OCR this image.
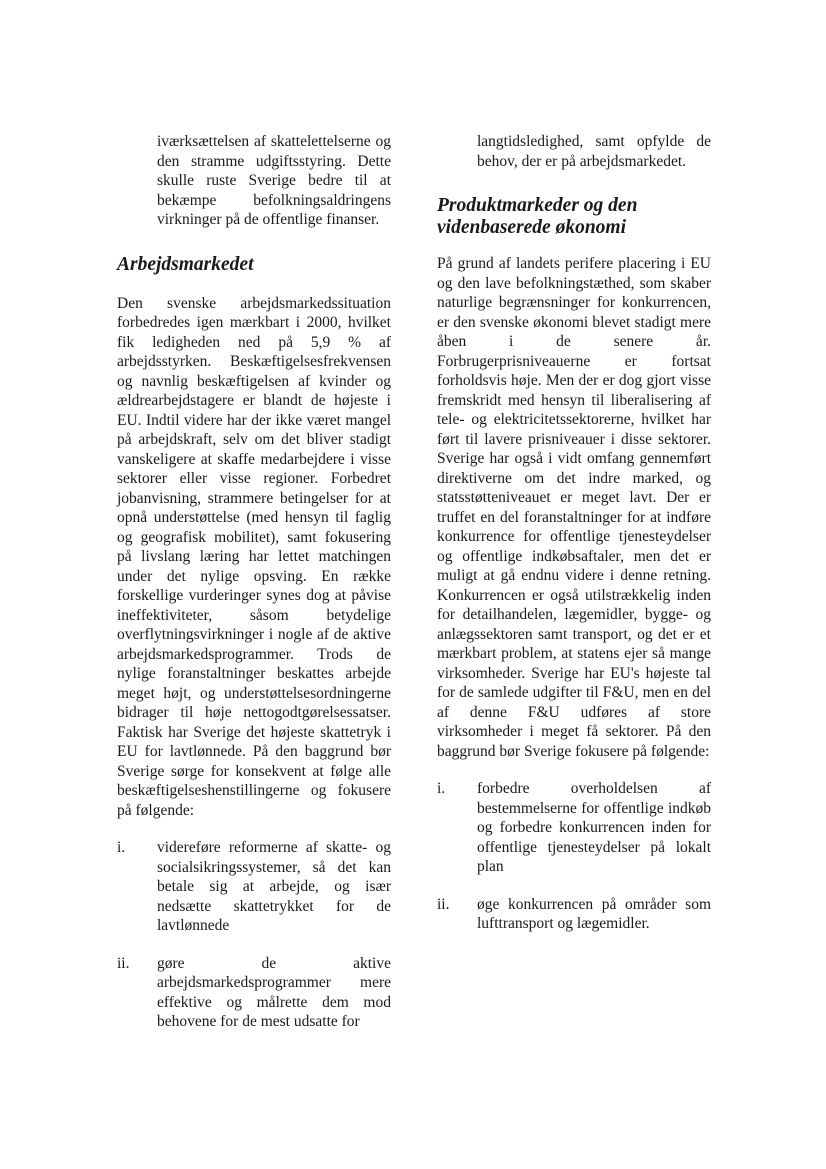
iværksættelsen af skattelettelserne og den stramme udgiftsstyring. Dette skulle ruste Sverige bedre til at bekæmpe befolkningsaldringens virkninger på de offentlige finanser.

Arbejdsmarkedet

Den svenske arbejdsmarkedssituation forbedredes igen mærkbart i 2000, hvilket fik ledigheden ned på 5,9 % af arbejdsstyrken. Beskæftigelsesfrekvensen og navnlig beskæftigelsen af kvinder og ældrearbejdstagere er blandt de højeste i EU. Indtil videre har der ikke været mangel på arbejdskraft, selv om det bliver stadigt vanskeligere at skaffe medarbejdere i visse sektorer eller visse regioner. Forbedret jobanvisning, strammere betingelser for at opnå understøttelse (med hensyn til faglig og geografisk mobilitet), samt fokusering på livslang læring har lettet matchingen under det nylige opsving. En række forskellige vurderinger synes dog at påvise ineffektiviteter, såsom betydelige overflytningsvirkninger i nogle af de aktive arbejdsmarkedsprogrammer. Trods de nylige foranstaltninger beskattes arbejde meget højt, og understøttelsesordningerne bidrager til høje nettogodtgørelsessatser. Faktisk har Sverige det højeste skattetryk i EU for lavtlønnede. På den baggrund bør Sverige sørge for konsekvent at følge alle beskæftigelseshenstillingerne og fokusere på følgende:

i. videreføre reformerne af skatte- og socialsikringssystemer, så det kan betale sig at arbejde, og især nedsætte skattetrykket for de lavtlønnede

ii. gøre de aktive arbejdsmarkedsprogrammer mere effektive og målrette dem mod behovene for de mest udsatte for

langtidsledighed, samt opfylde de behov, der er på arbejdsmarkedet.

Produktmarkeder og den videnbaserede økonomi

På grund af landets perifere placering i EU og den lave befolkningstæthed, som skaber naturlige begrænsninger for konkurrencen, er den svenske økonomi blevet stadigt mere åben i de senere år. Forbrugerprisniveauerne er fortsat forholdsvis høje. Men der er dog gjort visse fremskridt med hensyn til liberalisering af tele- og elektricitetssektorerne, hvilket har ført til lavere prisniveauer i disse sektorer. Sverige har også i vidt omfang gennemført direktiverne om det indre marked, og statsstøtteniveauet er meget lavt. Der er truffet en del foranstaltninger for at indføre konkurrence for offentlige tjenesteydelser og offentlige indkøbsaftaler, men det er muligt at gå endnu videre i denne retning. Konkurrencen er også utilstrækkelig inden for detailhandelen, lægemidler, bygge- og anlægssektoren samt transport, og det er et mærkbart problem, at statens ejer så mange virksomheder. Sverige har EU's højeste tal for de samlede udgifter til F&U, men en del af denne F&U udføres af store virksomheder i meget få sektorer. På den baggrund bør Sverige fokusere på følgende:

i. forbedre overholdelsen af bestemmelserne for offentlige indkøb og forbedre konkurrencen inden for offentlige tjenesteydelser på lokalt plan

ii. øge konkurrencen på områder som lufttransport og lægemidler.
